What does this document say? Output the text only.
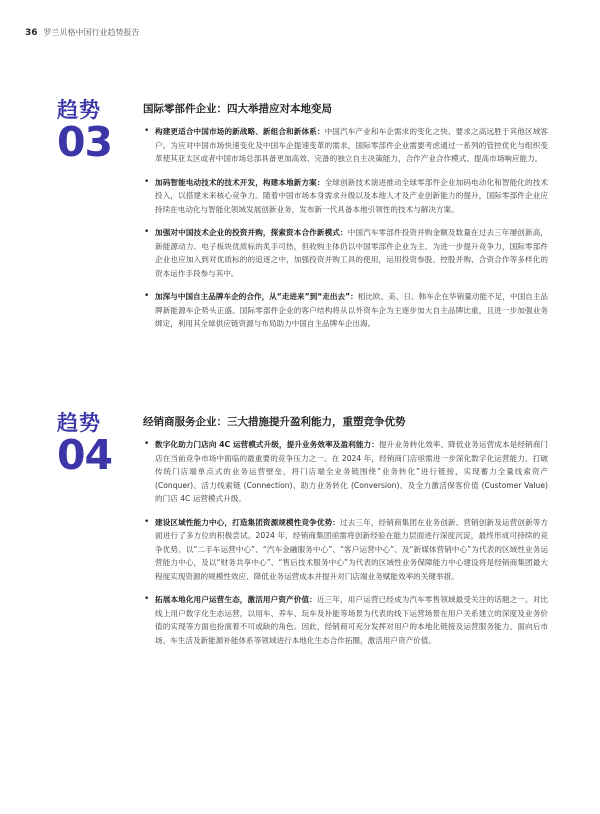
36 罗兰贝格中国行业趋势报告
趋势
03
国际零部件企业：四大举措应对本地变局
• 构建更适合中国市场的新战略、新组合和新体系：中国汽车产业和车企需求的变化之快、要求之高远胜于其他区域客户。为应对中国市场快速变化及中国车企提速变革的需求，国际零部件企业需要考虑通过一系列的管控优化与组织变革使其亚太区或者中国市场总部具备更加高效、完备的独立自主决策能力，合作产业合作模式、提高市场响应能力。
• 加码智能电动技术的技术开发，构建本地新方案：全球创新技术演进推动全球零部件企业加码电动化和智能化的技术投入，以搭建未来核心竞争力。随着中国市场本身需求升级以及本地人才及产业创新能力的提升，国际零部件企业应持续在电动化与智能化领域发展创新业务，发布新一代具备本地引领性的技术与解决方案。
• 加强对中国技术企业的投资并购，探索资本合作新模式：中国汽车零部件投资并购金额及数量在过去三年屡创新高，新能源动力、电子板块优质标的炙手可热，但收购主体仍以中国零部件企业为主。为进一步提升竞争力，国际零部件企业也应加入到对优质标的的追逐之中，加强投资并购工具的使用，运用投资参股、控股并购、合资合作等多样化的资本运作手段参与其中。
• 加深与中国自主品牌车企的合作，从“走进来”到“走出去”：相比欧、美、日、韩车企在华销量动能不足，中国自主品牌新能源车企势头正盛。国际零部件企业的客户结构将从以外资车企为主逐步加大自主品牌比重，且进一步加强业务绑定，利用其全球供应链资源与布局助力中国自主品牌车企出海。
趋势
04
经销商服务企业：三大措施提升盈利能力，重塑竞争优势
• 数字化助力门店向 4C 运营模式升级，提升业务效率及盈利能力：提升业务转化效率、降低业务运营成本是经销商门店在当前竞争市场中面临的最重要的竞争压力之一。在 2024 年，经销商门店亟需进一步深化数字化运营能力，打破传统门店端单点式的业务运营壁垒，将门店端全业务链围绕“业务转化”进行链接，实现蓄力全量线索资产 (Conquer)、活力线索链 (Connection)、助力业务转化 (Conversion)、及全力激活保客价值 (Customer Value) 的门店 4C 运营模式升级。
• 建设区域性能力中心，打造集团资源规模性竞争优势：过去三年，经销商集团在业务创新、营销创新及运营创新等方面进行了多方位的积极尝试。2024 年，经销商集团亟需将创新经验在能力层面进行深度沉淀，最终形成可持续的竞争优势。以“二手车运营中心”、“汽车金融服务中心”、“客户运营中心”、及“新媒体营销中心”为代表的区域性业务运营能力中心，及以“财务共享中心”、“售后技术服务中心”为代表的区域性业务保障能力中心建设将是经销商集团最大程度实现资源的规模性效应、降低业务运营成本并提升对门店端业务赋能效率的关键举措。
• 拓展本地化用户运营生态，激活用户资产价值：近三年，用户运营已经成为汽车零售领域最受关注的话题之一。对比线上用户数字化生态运营，以用车、养车、玩车及补能等场景为代表的线下运营场景在用户关系建立的深度及业务价值的实现等方面也扮演着不可或缺的角色。因此，经销商可充分发挥对用户的本地化链接及运营服务能力，面向后市场、车生活及新能源补能体系等领域进行本地化生态合作拓圈，激活用户资产价值。
